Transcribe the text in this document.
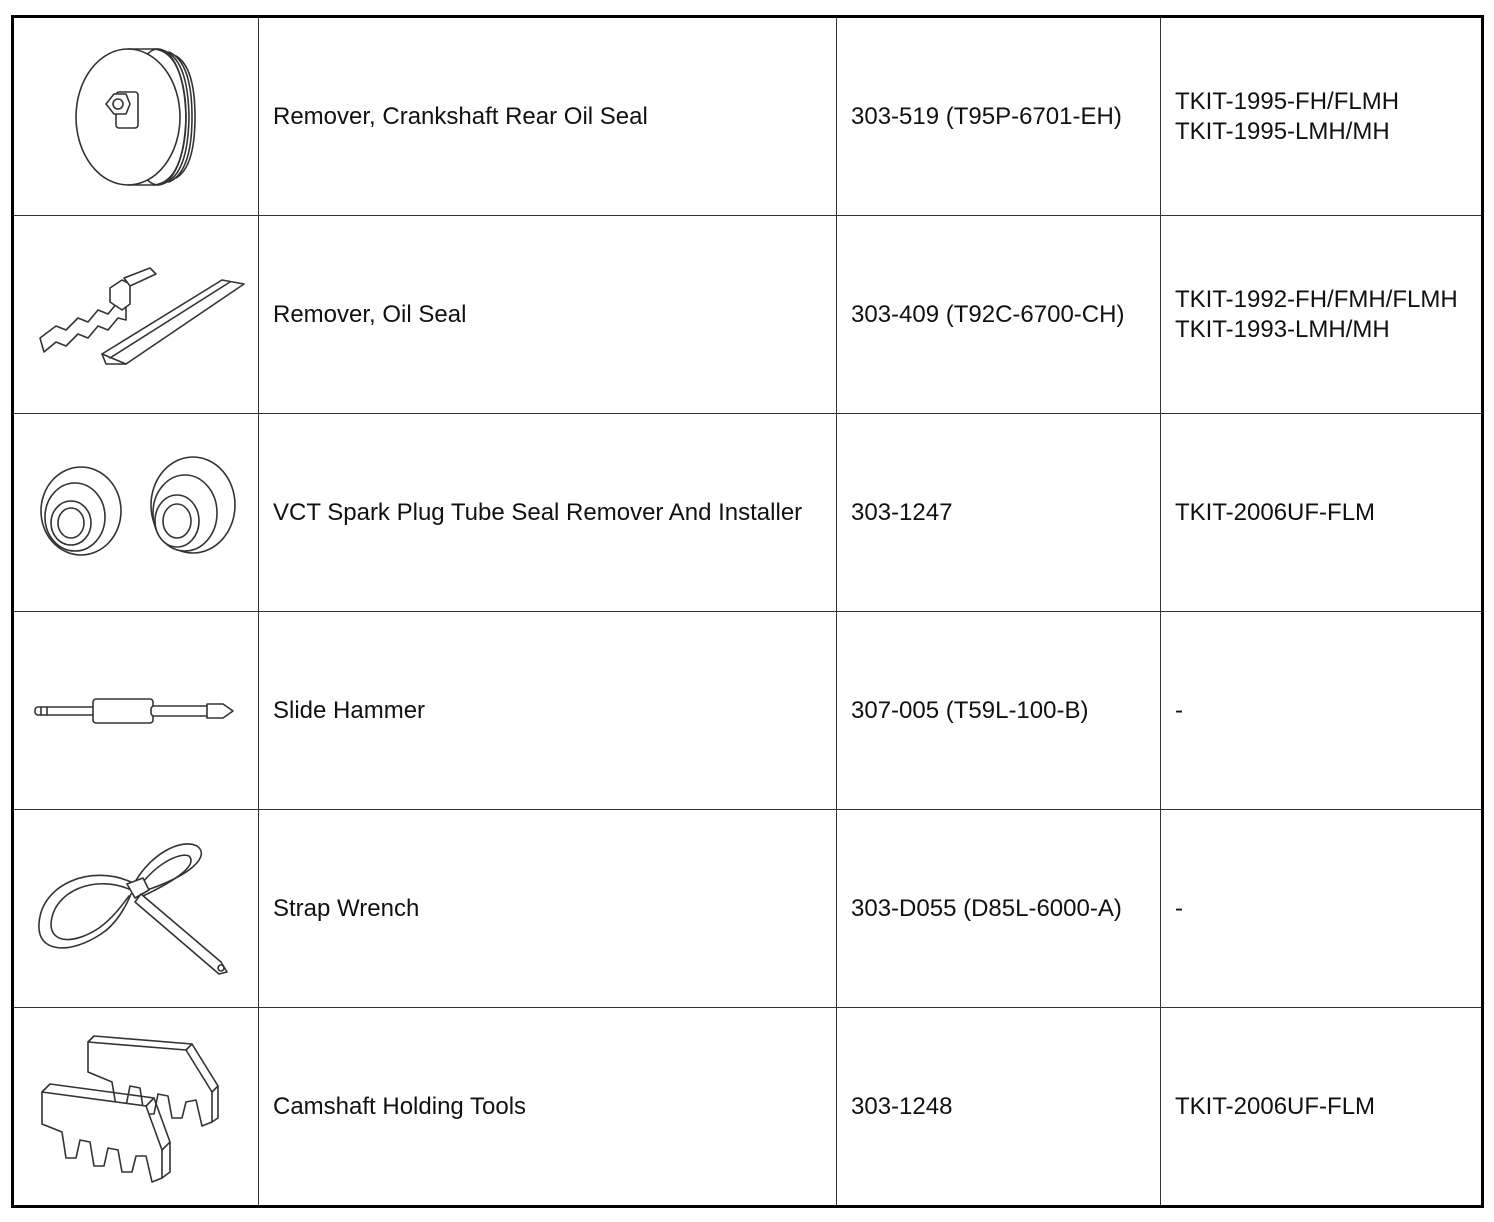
	Remover, Crankshaft Rear Oil Seal	303-519 (T95P-6701-EH)	TKIT-1995-FH/FLMH
TKIT-1995-LMH/MH

	Remover, Oil Seal	303-409 (T92C-6700-CH)	TKIT-1992-FH/FMH/FLMH
TKIT-1993-LMH/MH

	VCT Spark Plug Tube Seal Remover And Installer	303-1247	TKIT-2006UF-FLM

	Slide Hammer	307-005 (T59L-100-B)	-

	Strap Wrench	303-D055 (D85L-6000-A)	-

	Camshaft Holding Tools	303-1248	TKIT-2006UF-FLM
